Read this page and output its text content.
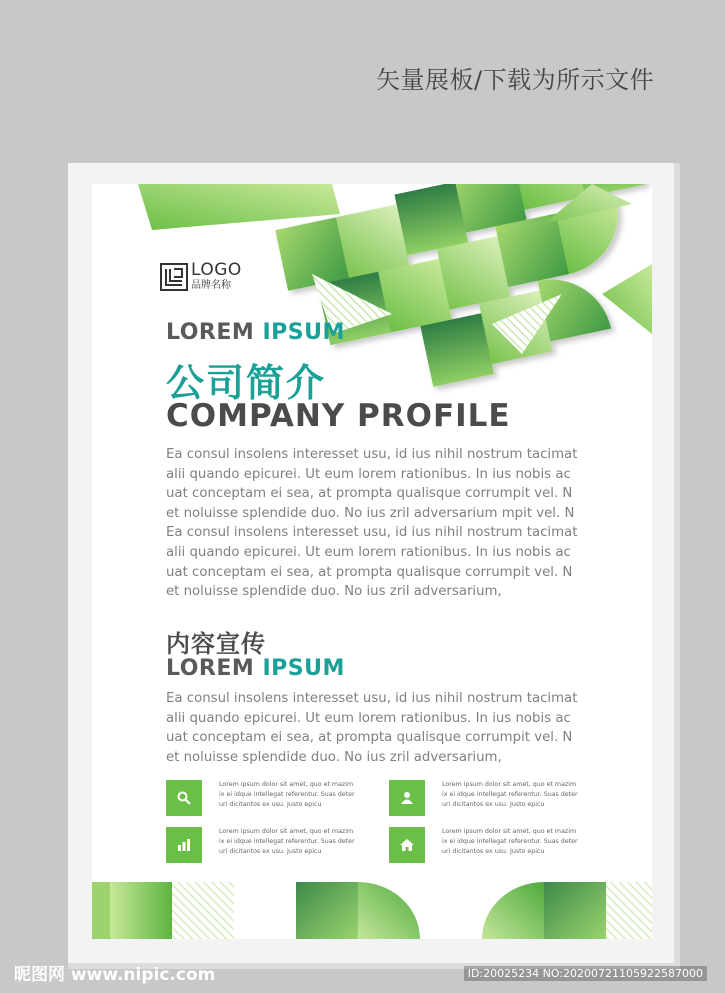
矢量展板/下载为所示文件
LOGO
品牌名称
LOREM IPSUM
公司简介
COMPANY PROFILE
Ea consul insolens interesset usu, id ius nihil nostrum tacimat
alii quando epicurei. Ut eum lorem rationibus. In ius nobis ac
uat conceptam ei sea, at prompta qualisque corrumpit vel. N
et noluisse splendide duo. No ius zril adversarium mpit vel. N
Ea consul insolens interesset usu, id ius nihil nostrum tacimat
alii quando epicurei. Ut eum lorem rationibus. In ius nobis ac
uat conceptam ei sea, at prompta qualisque corrumpit vel. N
et noluisse splendide duo. No ius zril adversarium,
内容宣传
LOREM IPSUM
Ea consul insolens interesset usu, id ius nihil nostrum tacimat
alii quando epicurei. Ut eum lorem rationibus. In ius nobis ac
uat conceptam ei sea, at prompta qualisque corrumpit vel. N
et noluisse splendide duo. No ius zril adversarium,
Lorem ipsum dolor sit amet, quo et mazim
ix ei idque intellegat referentur. Suas deter
uri dicitantos ex usu. Justo epicu
Lorem ipsum dolor sit amet, quo et mazim
ix ei idque intellegat referentur. Suas deter
uri dicitantos ex usu. Justo epicu
Lorem ipsum dolor sit amet, quo et mazim
ix ei idque intellegat referentur. Suas deter
uri dicitantos ex usu. Justo epicu
Lorem ipsum dolor sit amet, quo et mazim
ix ei idque intellegat referentur. Suas deter
uri dicitantos ex usu. Justo epicu
昵图网 www.nipic.com	ID:20025234 NO:20200721105922587000
